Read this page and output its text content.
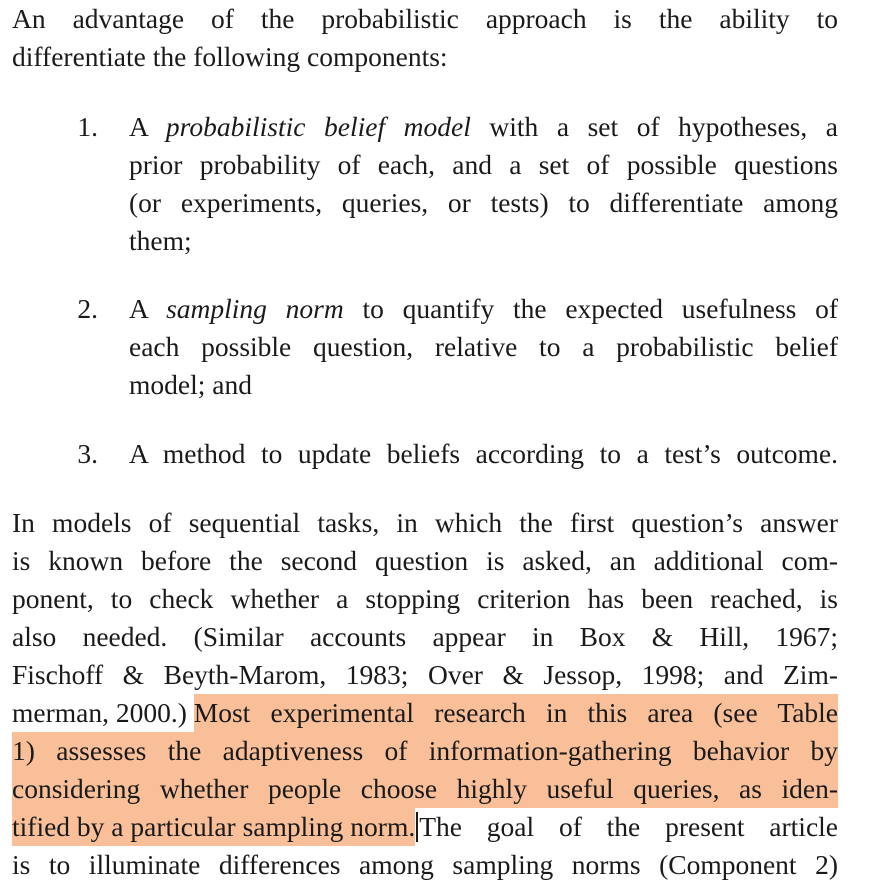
An advantage of the probabilistic approach is the ability to
differentiate the following components:
1. A probabilistic belief model with a set of hypotheses, a
prior probability of each, and a set of possible questions
(or experiments, queries, or tests) to differentiate among
them;
2. A sampling norm to quantify the expected usefulness of
each possible question, relative to a probabilistic belief
model; and
3. A method to update beliefs according to a test’s outcome.
In models of sequential tasks, in which the first question’s answer
is known before the second question is asked, an additional com-
ponent, to check whether a stopping criterion has been reached, is
also needed. (Similar accounts appear in Box & Hill, 1967;
Fischoff & Beyth-Marom, 1983; Over & Jessop, 1998; and Zim-
merman, 2000.) Most experimental research in this area (see Table
1) assesses the adaptiveness of information-gathering behavior by
considering whether people choose highly useful queries, as iden-
tified by a particular sampling norm. The goal of the present article
is to illuminate differences among sampling norms (Component 2)
